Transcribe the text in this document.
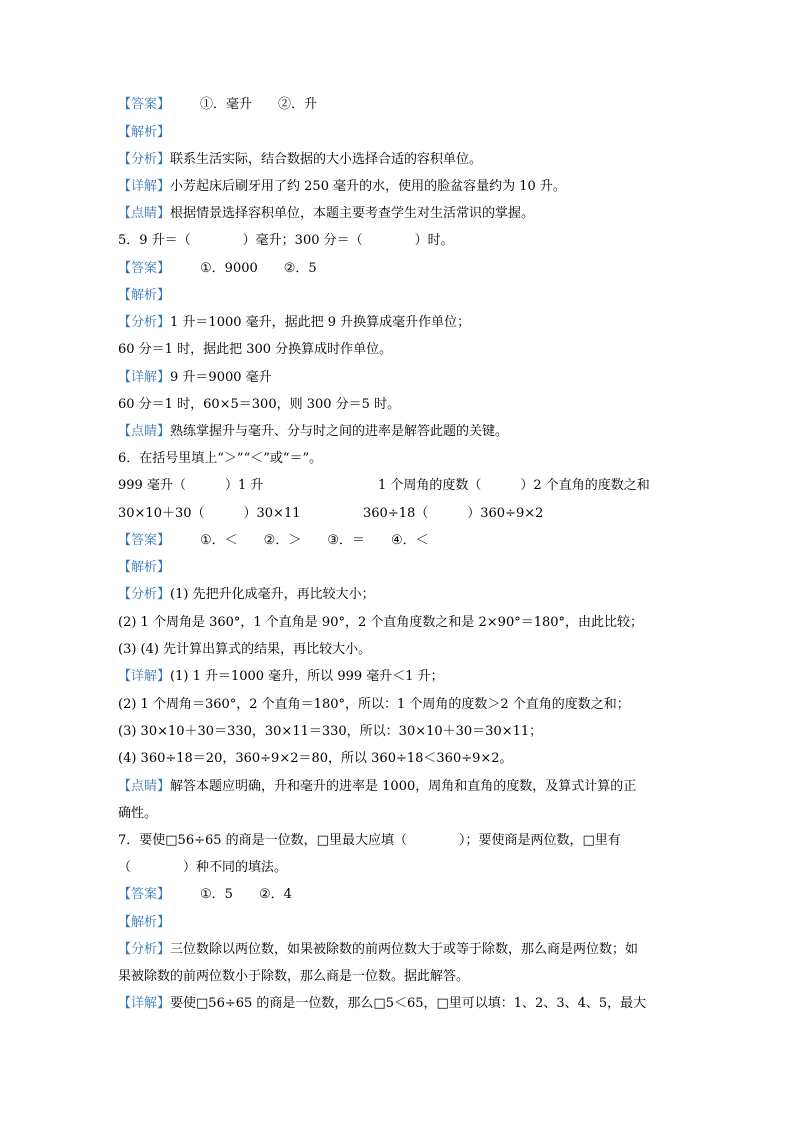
【答案】 ①．毫升 ②．升
【解析】
【分析】联系生活实际，结合数据的大小选择合适的容积单位。
【详解】小芳起床后刷牙用了约 250 毫升的水，使用的脸盆容量约为 10 升。
【点睛】根据情景选择容积单位，本题主要考查学生对生活常识的掌握。
5．9 升＝（　　　　）毫升；300 分＝（　　　　）时。
【答案】 ①．9000 ②．5
【解析】
【分析】1 升＝1000 毫升，据此把 9 升换算成毫升作单位；
60 分＝1 时，据此把 300 分换算成时作单位。
【详解】9 升＝9000 毫升
60 分＝1 时，60×5＝300，则 300 分＝5 时。
【点睛】熟练掌握升与毫升、分与时之间的进率是解答此题的关键。
6．在括号里填上“＞”“＜”或“＝”。
999 毫升（　　　）1 升	1 个周角的度数（　　　）2 个直角的度数之和
30×10＋30（　　　）30×11	360÷18（　　　）360÷9×2
【答案】 ①．＜ ②．＞ ③．＝ ④．＜
【解析】
【分析】(1) 先把升化成毫升，再比较大小；
(2) 1 个周角是 360°，1 个直角是 90°，2 个直角度数之和是 2×90°＝180°，由此比较；
(3) (4) 先计算出算式的结果，再比较大小。
【详解】(1) 1 升＝1000 毫升，所以 999 毫升＜1 升；
(2) 1 个周角＝360°，2 个直角＝180°，所以：1 个周角的度数＞2 个直角的度数之和；
(3) 30×10＋30＝330，30×11＝330，所以：30×10＋30＝30×11；
(4) 360÷18＝20，360÷9×2＝80，所以 360÷18＜360÷9×2。
【点睛】解答本题应明确，升和毫升的进率是 1000，周角和直角的度数，及算式计算的正
确性。
7．要使□56÷65 的商是一位数，□里最大应填（　　　　）；要使商是两位数，□里有
（　　　　）种不同的填法。
【答案】 ①．5 ②．4
【解析】
【分析】三位数除以两位数，如果被除数的前两位数大于或等于除数，那么商是两位数；如
果被除数的前两位数小于除数，那么商是一位数。据此解答。
【详解】要使□56÷65 的商是一位数，那么□5＜65，□里可以填：1、2、3、4、5，最大
